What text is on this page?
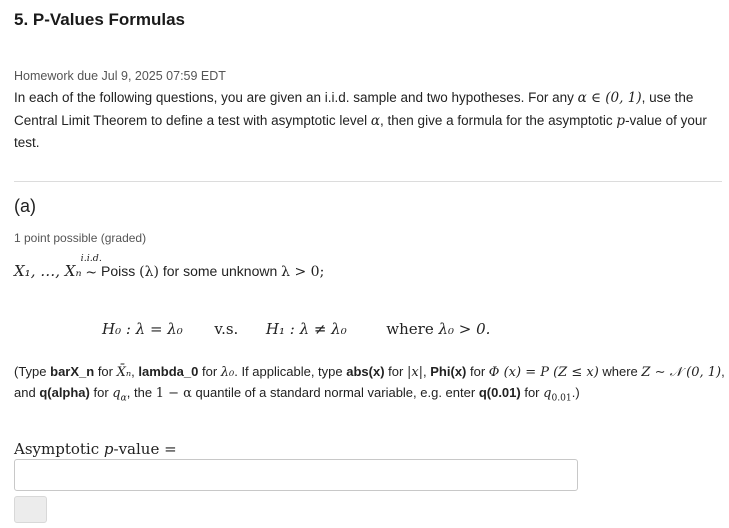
5. P-Values Formulas
Homework due Jul 9, 2025 07:59 EDT
In each of the following questions, you are given an i.i.d. sample and two hypotheses. For any α ∈ (0, 1), use the Central Limit Theorem to define a test with asymptotic level α, then give a formula for the asymptotic p-value of your test.
(a)
1 point possible (graded)
X₁, …, Xₙ
i.i.d.
~ Poiss (λ) for some unknown λ > 0;
H₀ : λ = λ₀ v.s. H₁ : λ ≠ λ₀	where λ₀ > 0.
(Type barX_n for X̄ₙ, lambda_0 for λ₀. If applicable, type abs(x) for |x|, Phi(x) for Φ (x) = P (Z ≤ x) where Z ∼ 𝒩 (0, 1), and q(alpha) for $q_\alpha$, the 1 − α quantile of a standard normal variable, e.g. enter q(0.01) for $q_{0.01}$.)
Asymptotic p-value =
